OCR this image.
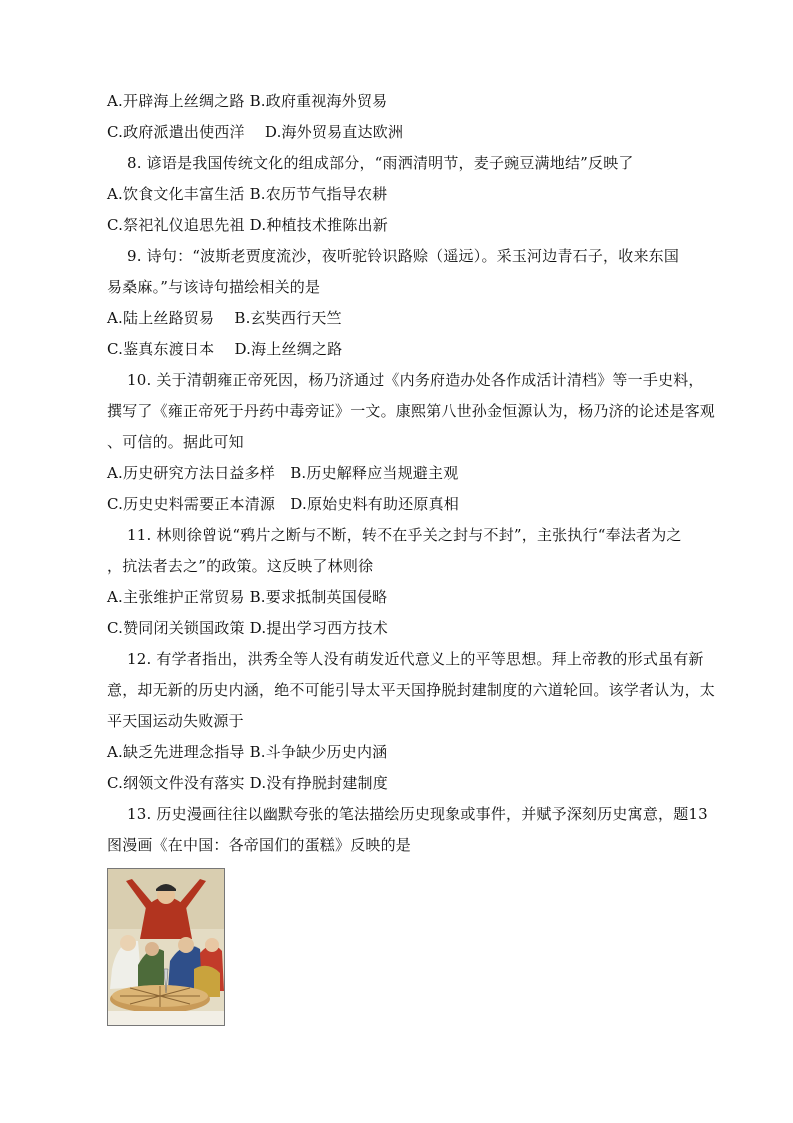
A.开辟海上丝绸之路 B.政府重视海外贸易
C.政府派遣出使西洋　 D.海外贸易直达欧洲
8. 谚语是我国传统文化的组成部分，“雨洒清明节，麦子豌豆满地结”反映了
A.饮食文化丰富生活 B.农历节气指导农耕
C.祭祀礼仪追思先祖 D.种植技术推陈出新
9. 诗句：“波斯老贾度流沙，夜听驼铃识路赊（遥远）。采玉河边青石子，收来东国
易桑麻。”与该诗句描绘相关的是
A.陆上丝路贸易　 B.玄奘西行天竺
C.鉴真东渡日本　 D.海上丝绸之路
10. 关于清朝雍正帝死因，杨乃济通过《内务府造办处各作成活计清档》等一手史料，
撰写了《雍正帝死于丹药中毒旁证》一文。康熙第八世孙金恒源认为，杨乃济的论述是客观
、可信的。据此可知
A.历史研究方法日益多样　B.历史解释应当规避主观
C.历史史料需要正本清源　D.原始史料有助还原真相
11. 林则徐曾说“鸦片之断与不断，转不在乎关之封与不封”，主张执行“奉法者为之
，抗法者去之”的政策。这反映了林则徐
A.主张维护正常贸易 B.要求抵制英国侵略
C.赞同闭关锁国政策 D.提出学习西方技术
12. 有学者指出，洪秀全等人没有萌发近代意义上的平等思想。拜上帝教的形式虽有新
意，却无新的历史内涵，绝不可能引导太平天国挣脱封建制度的六道轮回。该学者认为，太
平天国运动失败源于
A.缺乏先进理念指导 B.斗争缺少历史内涵
C.纲领文件没有落实 D.没有挣脱封建制度
13. 历史漫画往往以幽默夸张的笔法描绘历史现象或事件，并赋予深刻历史寓意，题13
图漫画《在中国：各帝国们的蛋糕》反映的是
